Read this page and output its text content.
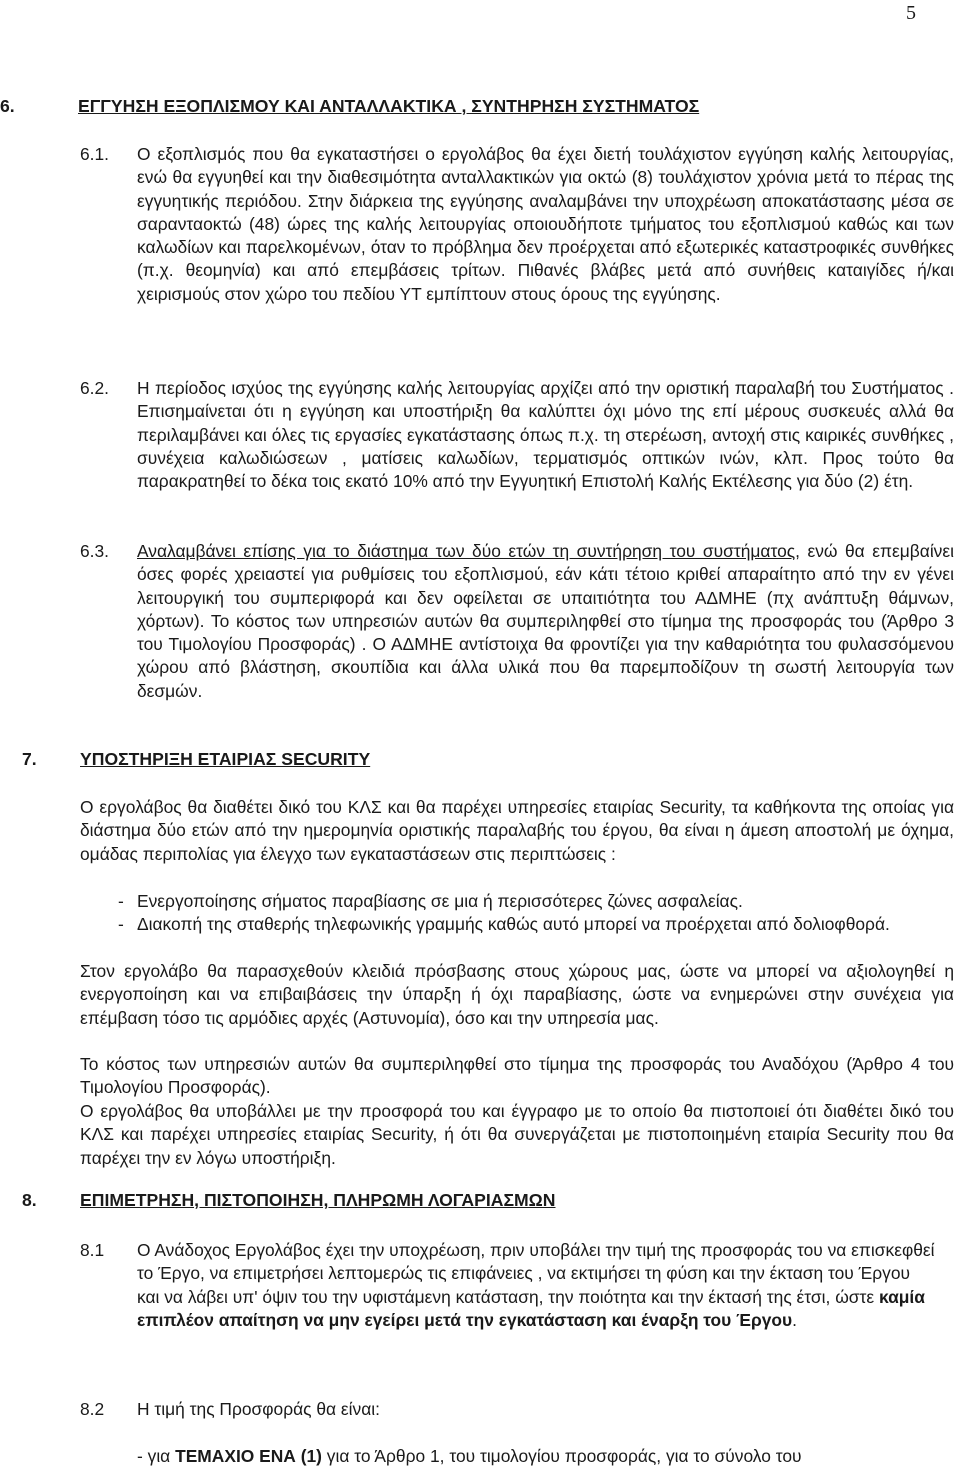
5
6.	ΕΓΓΥΗΣΗ ΕΞΟΠΛΙΣΜΟΥ ΚΑΙ ΑΝΤΑΛΛΑΚΤΙΚΑ , ΣΥΝΤΗΡΗΣΗ ΣΥΣΤΗΜΑΤΟΣ
6.1. Ο εξοπλισμός που θα εγκαταστήσει ο εργολάβος θα έχει διετή τουλάχιστον εγγύηση καλής λειτουργίας, ενώ θα εγγυηθεί και την διαθεσιμότητα ανταλλακτικών για οκτώ (8) τουλάχιστον χρόνια μετά το πέρας της εγγυητικής περιόδου. Στην διάρκεια της εγγύησης αναλαμβάνει την υποχρέωση αποκατάστασης μέσα σε σαρανταοκτώ (48) ώρες της καλής λειτουργίας οποιουδήποτε τμήματος του εξοπλισμού καθώς και των καλωδίων και παρελκομένων, όταν το πρόβλημα δεν προέρχεται από εξωτερικές καταστροφικές συνθήκες (π.χ. θεομηνία) και από επεμβάσεις τρίτων. Πιθανές βλάβες μετά από συνήθεις καταιγίδες ή/και χειρισμούς στον χώρο του πεδίου ΥΤ εμπίπτουν στους όρους της εγγύησης.

6.2. Η περίοδος ισχύος της εγγύησης καλής λειτουργίας αρχίζει από την οριστική παραλαβή του Συστήματος . Επισημαίνεται ότι η εγγύηση και υποστήριξη θα καλύπτει όχι μόνο της επί μέρους συσκευές αλλά θα περιλαμβάνει και όλες τις εργασίες εγκατάστασης όπως π.χ. τη στερέωση, αντοχή στις καιρικές συνθήκες , συνέχεια καλωδιώσεων , ματίσεις καλωδίων, τερματισμός οπτικών ινών, κλπ. Προς τούτο θα παρακρατηθεί το δέκα τοις εκατό 10% από την Εγγυητική Επιστολή Καλής Εκτέλεσης για δύο (2) έτη.

6.3. Αναλαμβάνει επίσης για το διάστημα των δύο ετών τη συντήρηση του συστήματος, ενώ θα επεμβαίνει όσες φορές χρειαστεί για ρυθμίσεις του εξοπλισμού, εάν κάτι τέτοιο κριθεί απαραίτητο από την εν γένει λειτουργική του συμπεριφορά και δεν οφείλεται σε υπαιτιότητα του ΑΔΜΗΕ (πχ ανάπτυξη θάμνων, χόρτων). Το κόστος των υπηρεσιών αυτών θα συμπεριληφθεί στο τίμημα της προσφοράς του (Άρθρο 3 του Τιμολογίου Προσφοράς) . Ο ΑΔΜΗΕ αντίστοιχα θα φροντίζει για την καθαριότητα του φυλασσόμενου χώρου από βλάστηση, σκουπίδια και άλλα υλικά που θα παρεμποδίζουν τη σωστή λειτουργία των δεσμών.

7. ΥΠΟΣΤΗΡΙΞΗ ΕΤΑΙΡΙΑΣ SECURITY

Ο εργολάβος θα διαθέτει δικό του ΚΛΣ και θα παρέχει υπηρεσίες εταιρίας Security, τα καθήκοντα της οποίας για διάστημα δύο ετών από την ημερομηνία οριστικής παραλαβής του έργου, θα είναι η άμεση αποστολή με όχημα, ομάδας περιπολίας για έλεγχο των εγκαταστάσεων στις περιπτώσεις :

- Ενεργοποίησης σήματος παραβίασης σε μια ή περισσότερες ζώνες ασφαλείας.

- Διακοπή της σταθερής τηλεφωνικής γραμμής καθώς αυτό μπορεί να προέρχεται από δολιοφθορά.

Στον εργολάβο θα παρασχεθούν κλειδιά πρόσβασης στους χώρους μας, ώστε να μπορεί να αξιολογηθεί η ενεργοποίηση και να επιβαιβάσεις την ύπαρξη ή όχι παραβίασης, ώστε να ενημερώνει στην συνέχεια για επέμβαση τόσο τις αρμόδιες αρχές (Αστυνομία), όσο και την υπηρεσία μας.

Το κόστος των υπηρεσιών αυτών θα συμπεριληφθεί στο τίμημα της προσφοράς του Αναδόχου (Άρθρο 4 του Τιμολογίου Προσφοράς).

Ο εργολάβος θα υποβάλλει με την προσφορά του και έγγραφο με το οποίο θα πιστοποιεί ότι διαθέτει δικό του ΚΛΣ και παρέχει υπηρεσίες εταιρίας Security, ή ότι θα συνεργάζεται με πιστοποιημένη εταιρία Security που θα παρέχει την εν λόγω υποστήριξη.

8. ΕΠΙΜΕΤΡΗΣΗ, ΠΙΣΤΟΠΟΙΗΣΗ, ΠΛΗΡΩΜΗ ΛΟΓΑΡΙΑΣΜΩΝ
8.1 Ο Ανάδοχος Εργολάβος έχει την υποχρέωση, πριν υποβάλει την τιμή της προσφοράς του να επισκεφθεί το Έργο, να επιμετρήσει λεπτομερώς τις επιφάνειες , να εκτιμήσει τη φύση και την έκταση του Έργου και να λάβει υπ' όψιν του την υφιστάμενη κατάσταση, την ποιότητα και την έκτασή της έτσι, ώστε καμία επιπλέον απαίτηση να μην εγείρει μετά την εγκατάσταση και έναρξη του Έργου.

8.2 Η τιμή της Προσφοράς θα είναι:

- για ΤΕΜΑΧΙΟ ΕΝΑ (1) για το Άρθρο 1, του τιμολογίου προσφοράς, για το σύνολο του
